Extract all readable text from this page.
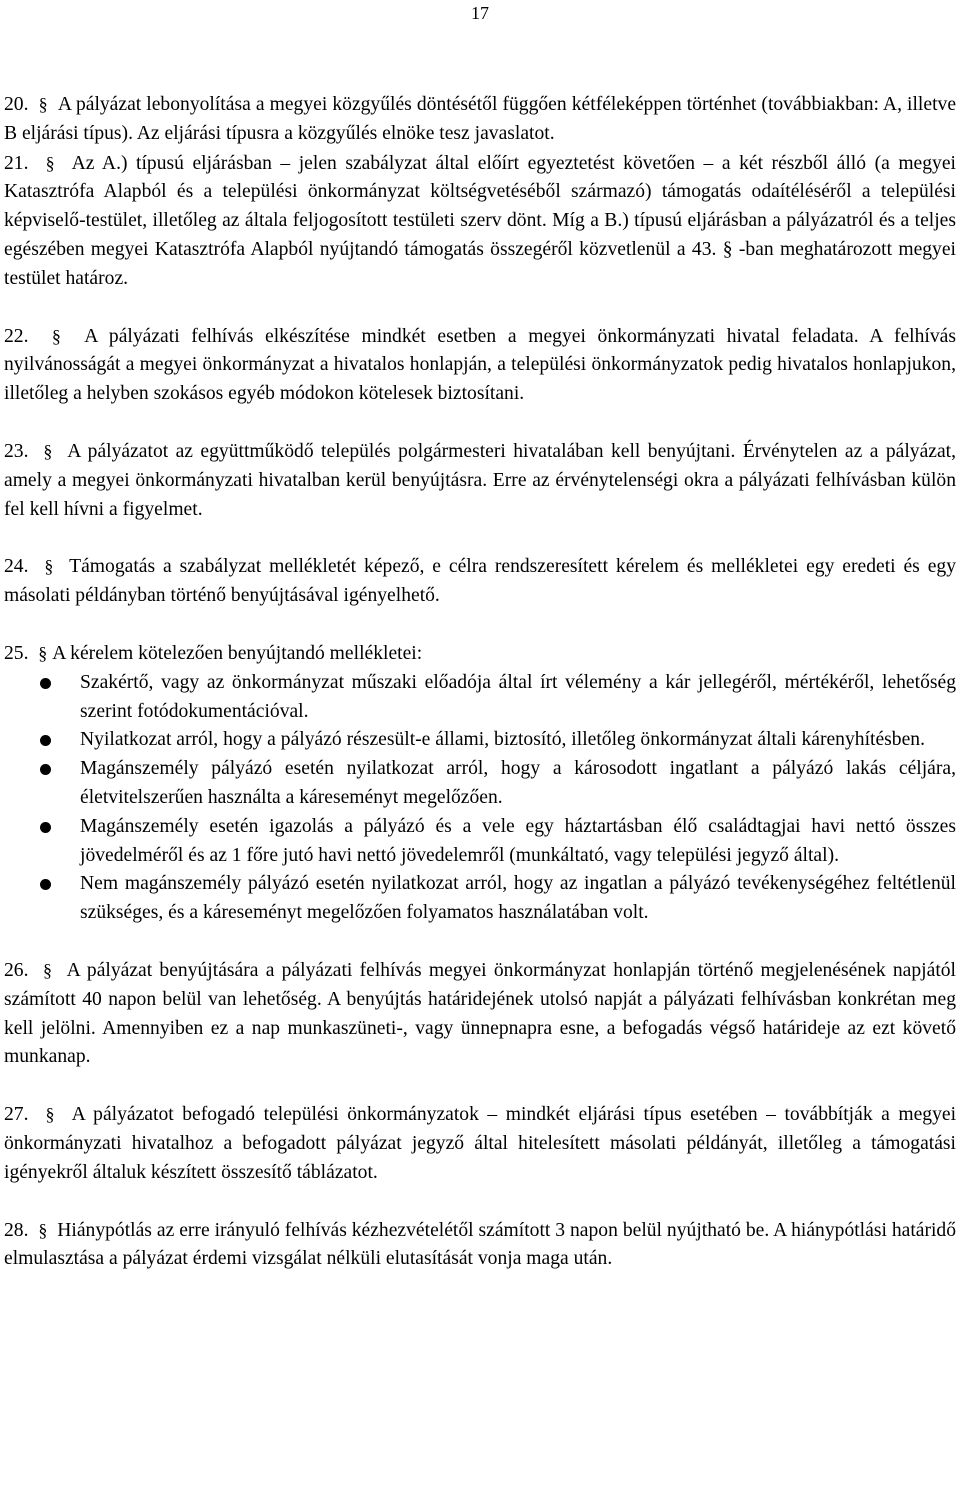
17

20. § A pályázat lebonyolítása a megyei közgyűlés döntésétől függően kétféleképpen történhet (továbbiakban: A, illetve B eljárási típus). Az eljárási típusra a közgyűlés elnöke tesz javaslatot.

21. § Az A.) típusú eljárásban – jelen szabályzat által előírt egyeztetést követően – a két részből álló (a megyei Katasztrófa Alapból és a települési önkormányzat költségvetéséből származó) támogatás odaítéléséről a települési képviselő-testület, illetőleg az általa feljogosított testületi szerv dönt. Míg a B.) típusú eljárásban a pályázatról és a teljes egészében megyei Katasztrófa Alapból nyújtandó támogatás összegéről közvetlenül a 43. § -ban meghatározott megyei testület határoz.

22. § A pályázati felhívás elkészítése mindkét esetben a megyei önkormányzati hivatal feladata. A felhívás nyilvánosságát a megyei önkormányzat a hivatalos honlapján, a települési önkormányzatok pedig hivatalos honlapjukon, illetőleg a helyben szokásos egyéb módokon kötelesek biztosítani.

23. § A pályázatot az együttműködő település polgármesteri hivatalában kell benyújtani. Érvénytelen az a pályázat, amely a megyei önkormányzati hivatalban kerül benyújtásra. Erre az érvénytelenségi okra a pályázati felhívásban külön fel kell hívni a figyelmet.

24. § Támogatás a szabályzat mellékletét képező, e célra rendszeresített kérelem és mellékletei egy eredeti és egy másolati példányban történő benyújtásával igényelhető.

25. § A kérelem kötelezően benyújtandó mellékletei:

Szakértő, vagy az önkormányzat műszaki előadója által írt vélemény a kár jellegéről, mértékéről, lehetőség szerint fotódokumentációval.
Nyilatkozat arról, hogy a pályázó részesült-e állami, biztosító, illetőleg önkormányzat általi kárenyhítésben.
Magánszemély pályázó esetén nyilatkozat arról, hogy a károsodott ingatlant a pályázó lakás céljára, életvitelszerűen használta a káreseményt megelőzően.
Magánszemély esetén igazolás a pályázó és a vele egy háztartásban élő családtagjai havi nettó összes jövedelméről és az 1 főre jutó havi nettó jövedelemről (munkáltató, vagy települési jegyző által).
Nem magánszemély pályázó esetén nyilatkozat arról, hogy az ingatlan a pályázó tevékenységéhez feltétlenül szükséges, és a káreseményt megelőzően folyamatos használatában volt.

26. § A pályázat benyújtására a pályázati felhívás megyei önkormányzat honlapján történő megjelenésének napjától számított 40 napon belül van lehetőség. A benyújtás határidejének utolsó napját a pályázati felhívásban konkrétan meg kell jelölni. Amennyiben ez a nap munkaszüneti-, vagy ünnepnapra esne, a befogadás végső határideje az ezt követő munkanap.

27. § A pályázatot befogadó települési önkormányzatok – mindkét eljárási típus esetében – továbbítják a megyei önkormányzati hivatalhoz a befogadott pályázat jegyző által hitelesített másolati példányát, illetőleg a támogatási igényekről általuk készített összesítő táblázatot.

28. § Hiánypótlás az erre irányuló felhívás kézhezvételétől számított 3 napon belül nyújtható be. A hiánypótlási határidő elmulasztása a pályázat érdemi vizsgálat nélküli elutasítását vonja maga után.
